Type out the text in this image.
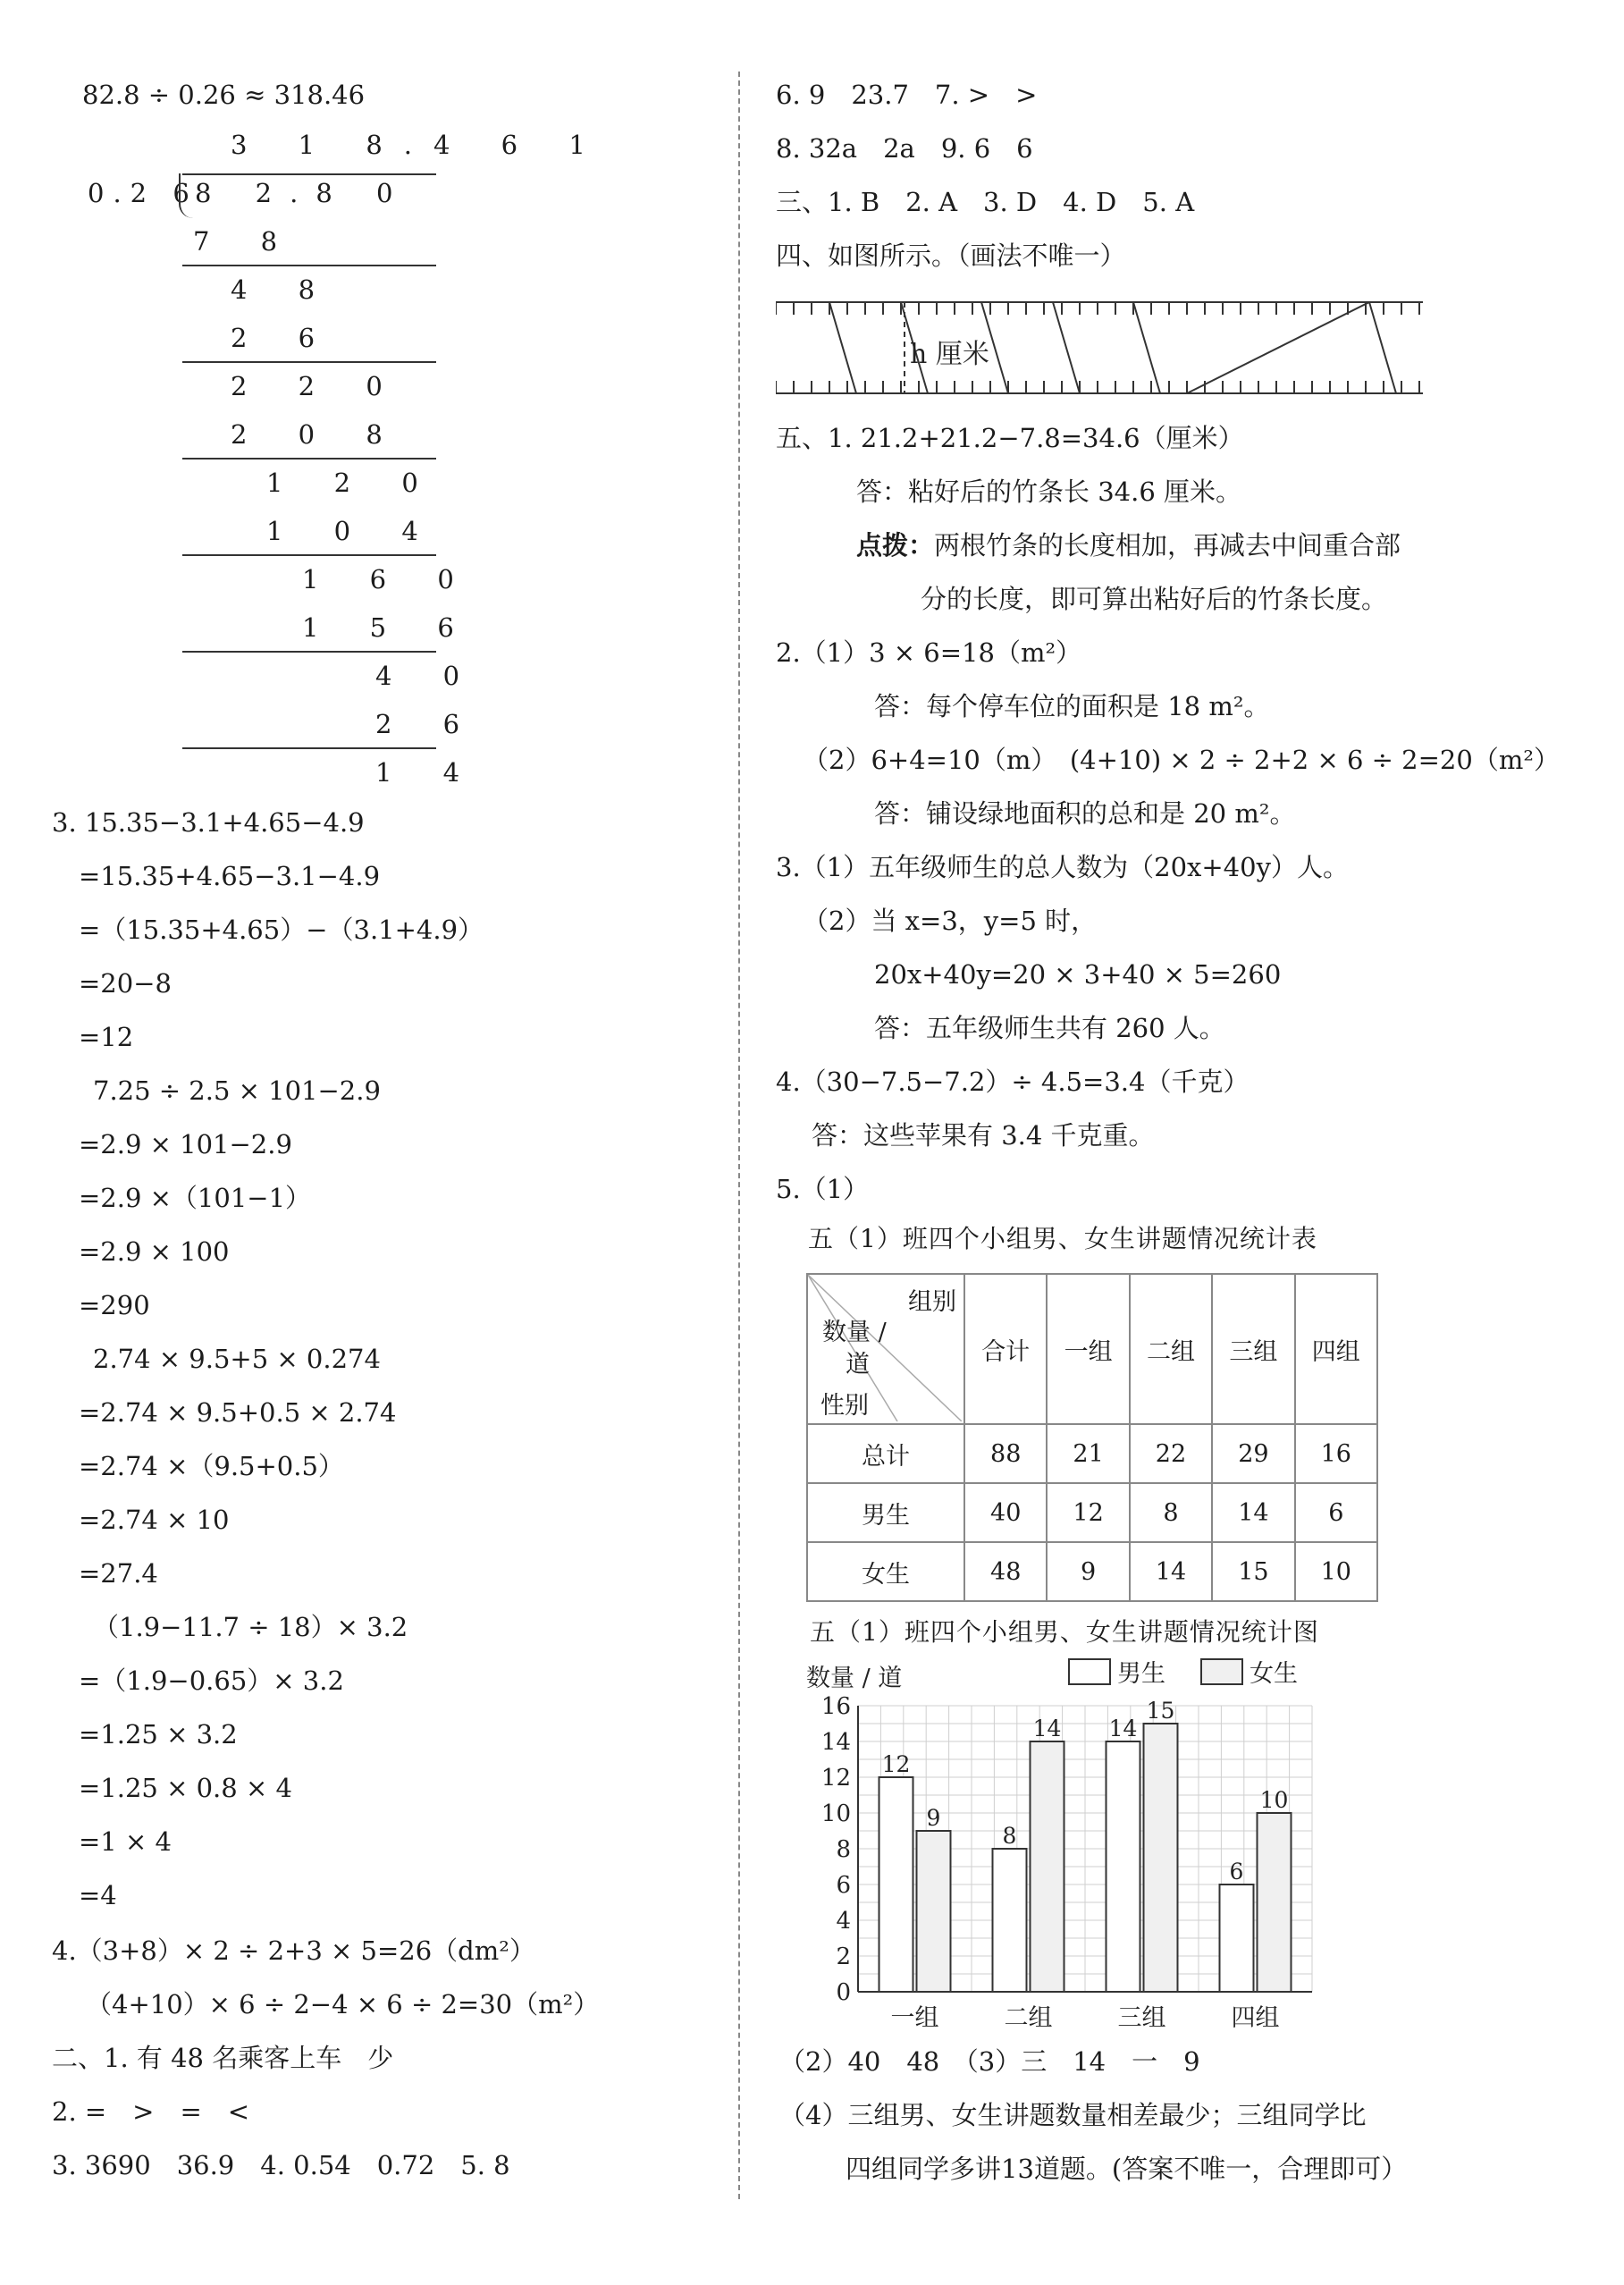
82.8 ÷ 0.26 ≈ 318.46
3 1 8.4 6 1
0.2 6
8 2.8 0
7 8
4 8
2 6
2 2 0
2 0 8
1 2 0
1 0 4
1 6 0
1 5 6
4 0
2 6
1 4
3. 15.35−3.1+4.65−4.9
=15.35+4.65−3.1−4.9
=（15.35+4.65）−（3.1+4.9）
=20−8
=12
7.25 ÷ 2.5 × 101−2.9
=2.9 × 101−2.9
=2.9 ×（101−1）
=2.9 × 100
=290
2.74 × 9.5+5 × 0.274
=2.74 × 9.5+0.5 × 2.74
=2.74 ×（9.5+0.5）
=2.74 × 10
=27.4
（1.9−11.7 ÷ 18）× 3.2
=（1.9−0.65）× 3.2
=1.25 × 3.2
=1.25 × 0.8 × 4
=1 × 4
=4
4.（3+8）× 2 ÷ 2+3 × 5=26（dm²）
（4+10）× 6 ÷ 2−4 × 6 ÷ 2=30（m²）
二、1. 有 48 名乘客上车　少
2. =　>　=　<
3. 3690　36.9　4. 0.54　0.72　5. 8
6. 9　23.7　7. >　>
8. 32a　2a　9. 6　6
三、1. B　2. A　3. D　4. D　5. A
四、如图所示。（画法不唯一）
h 厘米
五、1. 21.2+21.2−7.8=34.6（厘米）
答：粘好后的竹条长 34.6 厘米。
点拨：两根竹条的长度相加，再减去中间重合部
分的长度，即可算出粘好后的竹条长度。
2.（1）3 × 6=18（m²）
答：每个停车位的面积是 18 m²。
（2）6+4=10（m）　(4+10) × 2 ÷ 2+2 × 6 ÷ 2=20（m²）
答：铺设绿地面积的总和是 20 m²。
3.（1）五年级师生的总人数为（20x+40y）人。
（2）当 x=3，y=5 时，
20x+40y=20 × 3+40 × 5=260
答：五年级师生共有 260 人。
4.（30−7.5−7.2）÷ 4.5=3.4（千克）
答：这些苹果有 3.4 千克重。
5.（1）
五（1）班四个小组男、女生讲题情况统计表
组别
数量 /
道
性别	合计	一组	二组	三组	四组
总计	88	21	22	29	16
男生	40	12	8	14	6
女生	48	9	14	15	10
五（1）班四个小组男、女生讲题情况统计图
0
2
4
6
8
10
12
14
16
数量 / 道	男生	女生
12
9
一组
8
14
二组
14
15
三组
6
10
四组
（2）40　48　（3）三　14　一　9
（4）三组男、女生讲题数量相差最少；三组同学比
四组同学多讲13道题。(答案不唯一，合理即可）
